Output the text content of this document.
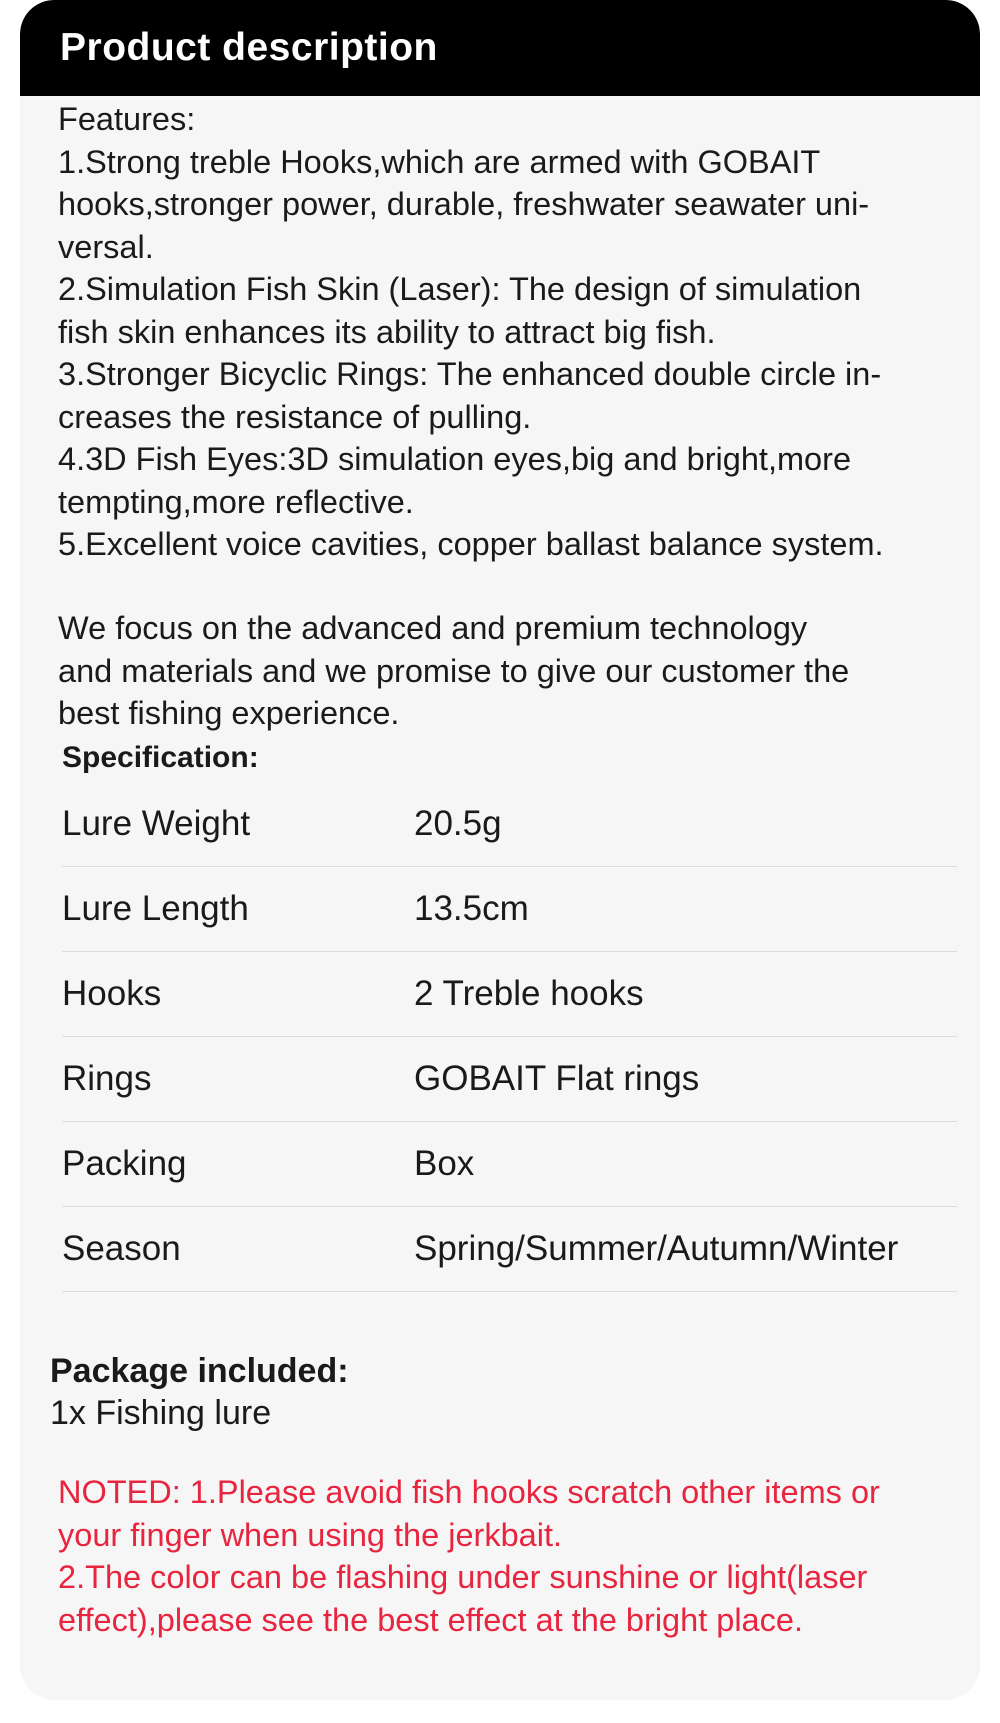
Product description
Features:
1.Strong treble Hooks,which are armed with GOBAIT
hooks,stronger power, durable, freshwater seawater uni-
versal.
2.Simulation Fish Skin (Laser): The design of simulation
fish skin enhances its ability to attract big fish.
3.Stronger Bicyclic Rings: The enhanced double circle in-
creases the resistance of pulling.
4.3D Fish Eyes:3D simulation eyes,big and bright,more
tempting,more reflective.
5.Excellent voice cavities, copper ballast balance system.
We focus on the advanced and premium technology
and materials and we promise to give our customer the
best fishing experience.
Specification:
Lure Weight	20.5g
Lure Length	13.5cm
Hooks	2 Treble hooks
Rings	GOBAIT Flat rings
Packing	Box
Season	Spring/Summer/Autumn/Winter
Package included:
1x Fishing lure
NOTED: 1.Please avoid fish hooks scratch other items or
your finger when using the jerkbait.
2.The color can be flashing under sunshine or light(laser
effect),please see the best effect at the bright place.
